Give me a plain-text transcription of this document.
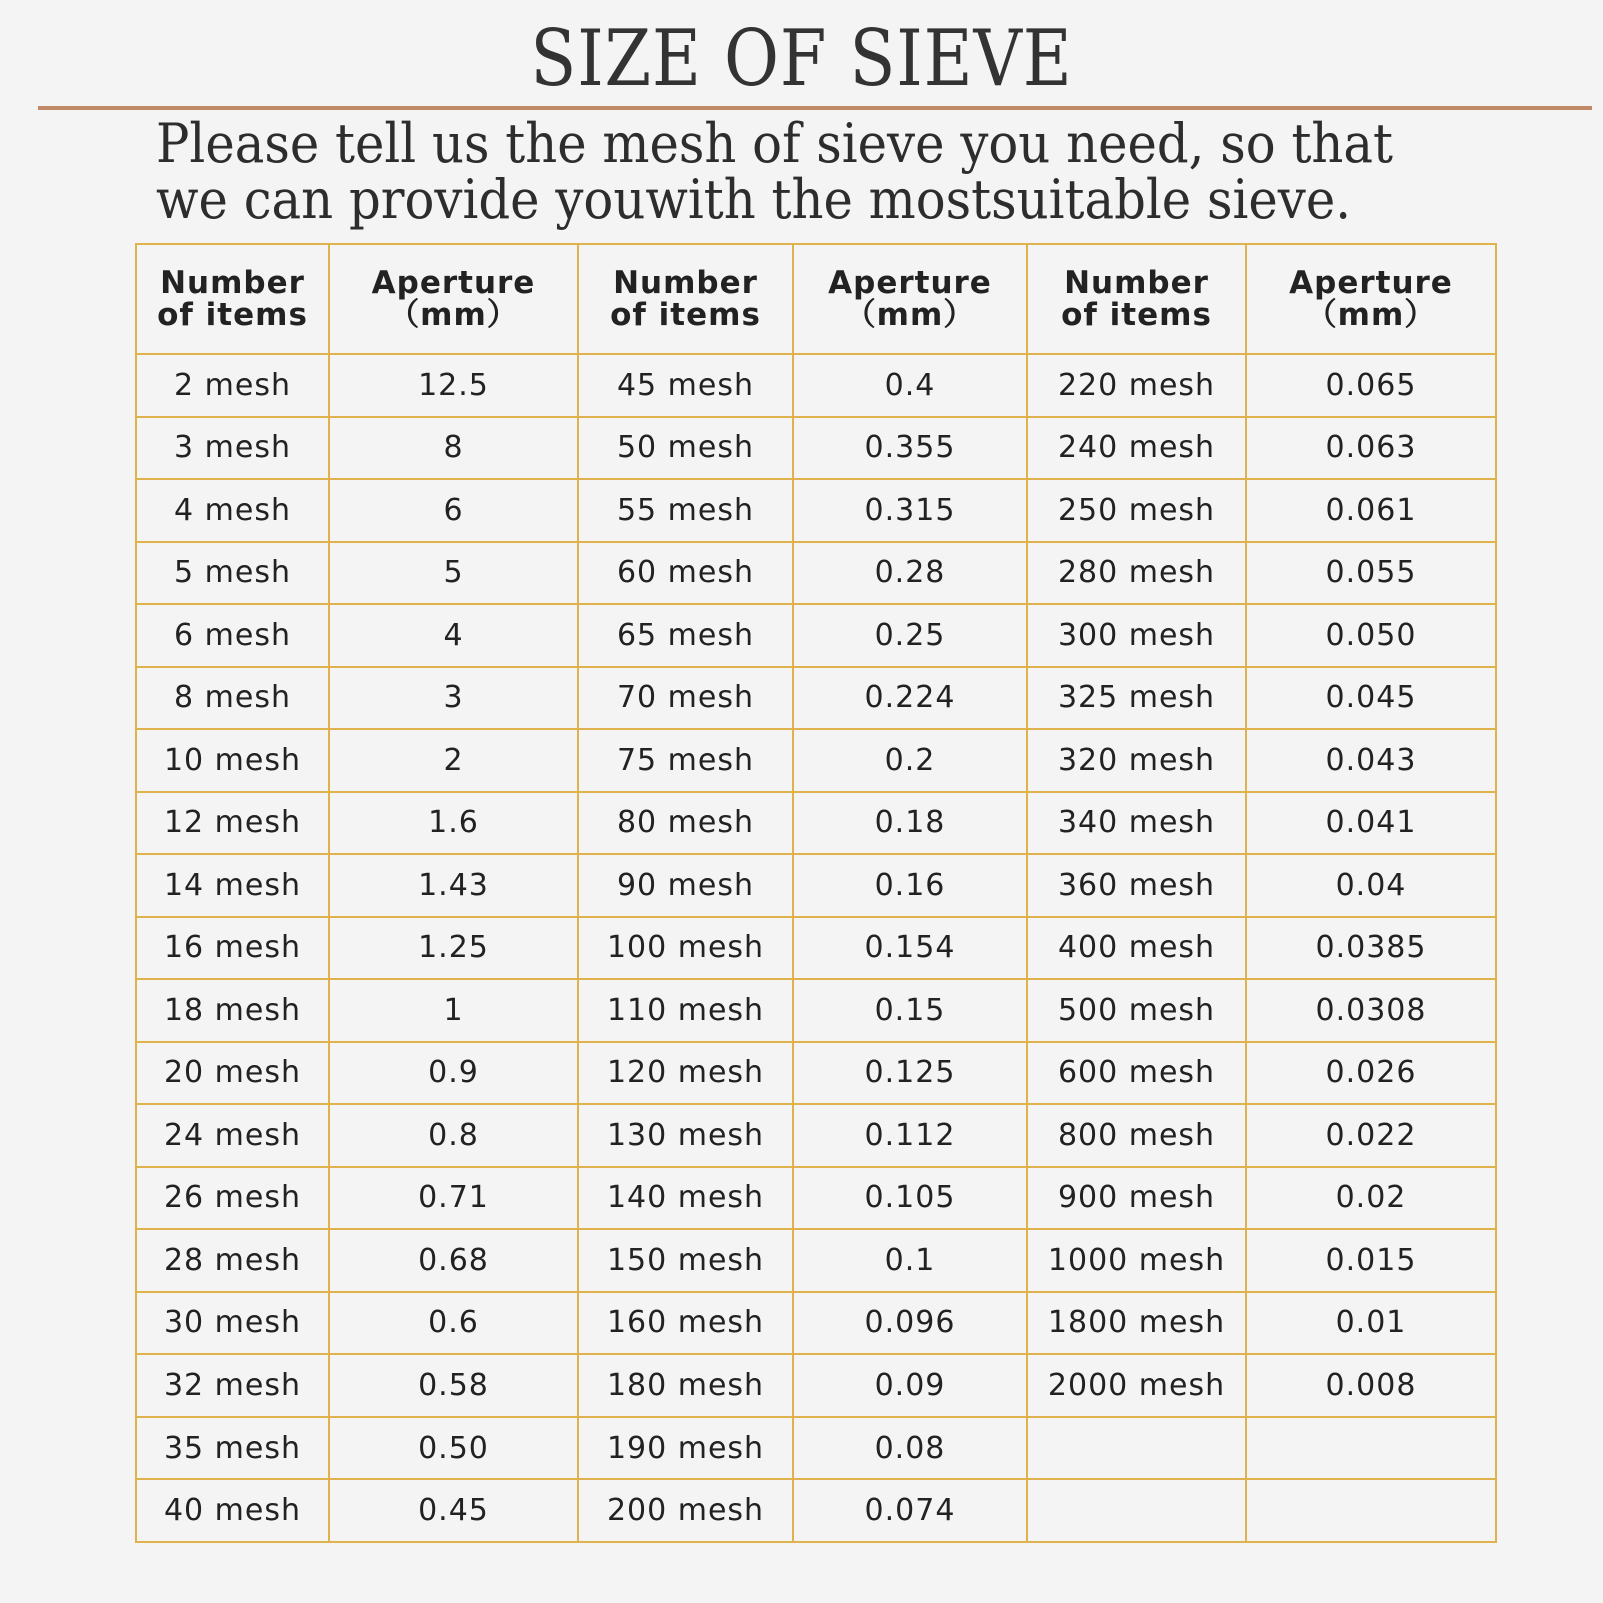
SIZE OF SIEVE
Please tell us the mesh of sieve you need, so that
we can provide youwith the mostsuitable sieve.
Number
of items	Aperture
（mm）	Number
of items	Aperture
（mm）	Number
of items	Aperture
（mm）

2 mesh	12.5	45 mesh	0.4	220 mesh	0.065
3 mesh	8	50 mesh	0.355	240 mesh	0.063
4 mesh	6	55 mesh	0.315	250 mesh	0.061
5 mesh	5	60 mesh	0.28	280 mesh	0.055
6 mesh	4	65 mesh	0.25	300 mesh	0.050
8 mesh	3	70 mesh	0.224	325 mesh	0.045
10 mesh	2	75 mesh	0.2	320 mesh	0.043
12 mesh	1.6	80 mesh	0.18	340 mesh	0.041
14 mesh	1.43	90 mesh	0.16	360 mesh	0.04
16 mesh	1.25	100 mesh	0.154	400 mesh	0.0385
18 mesh	1	110 mesh	0.15	500 mesh	0.0308
20 mesh	0.9	120 mesh	0.125	600 mesh	0.026
24 mesh	0.8	130 mesh	0.112	800 mesh	0.022
26 mesh	0.71	140 mesh	0.105	900 mesh	0.02
28 mesh	0.68	150 mesh	0.1	1000 mesh	0.015
30 mesh	0.6	160 mesh	0.096	1800 mesh	0.01
32 mesh	0.58	180 mesh	0.09	2000 mesh	0.008
35 mesh	0.50	190 mesh	0.08		
40 mesh	0.45	200 mesh	0.074		
